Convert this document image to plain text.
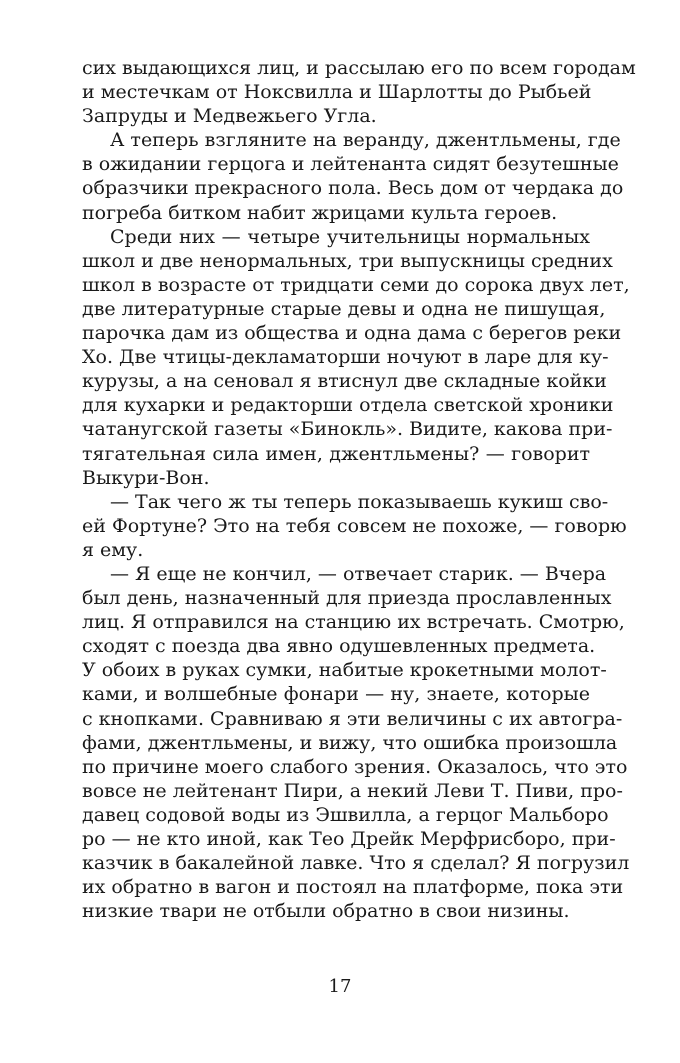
сих выдающихся лиц, и рассылаю его по всем городам
и местечкам от Ноксвилла и Шарлотты до Рыбьей
Запруды и Медвежьего Угла.

А теперь взгляните на веранду, джентльмены, где
в ожидании герцога и лейтенанта сидят безутешные
образчики прекрасного пола. Весь дом от чердака до
погреба битком набит жрицами культа героев.

Среди них — четыре учительницы нормальных
школ и две ненормальных, три выпускницы средних
школ в возрасте от тридцати семи до сорока двух лет,
две литературные старые девы и одна не пишущая,
парочка дам из общества и одна дама с берегов реки
Хо. Две чтицы-декламаторши ночуют в ларе для ку-
курузы, а на сеновал я втиснул две складные койки
для кухарки и редакторши отдела светской хроники
чатанугской газеты «Бинокль». Видите, какова при-
тягательная сила имен, джентльмены? — говорит
Выкури-Вон.

— Так чего ж ты теперь показываешь кукиш сво-
ей Фортуне? Это на тебя совсем не похоже, — говорю
я ему.

— Я еще не кончил, — отвечает старик. — Вчера
был день, назначенный для приезда прославленных
лиц. Я отправился на станцию их встречать. Смотрю,
сходят с поезда два явно одушевленных предмета.
У обоих в руках сумки, набитые крокетными молот-
ками, и волшебные фонари — ну, знаете, которые
с кнопками. Сравниваю я эти величины с их автогра-
фами, джентльмены, и вижу, что ошибка произошла
по причине моего слабого зрения. Оказалось, что это
вовсе не лейтенант Пири, а некий Леви Т. Пиви, про-
давец содовой воды из Эшвилла, а герцог Мальборо
ро — не кто иной, как Тео Дрейк Мерфрисборо, при-
казчик в бакалейной лавке. Что я сделал? Я погрузил
их обратно в вагон и постоял на платформе, пока эти
низкие твари не отбыли обратно в свои низины.

17
